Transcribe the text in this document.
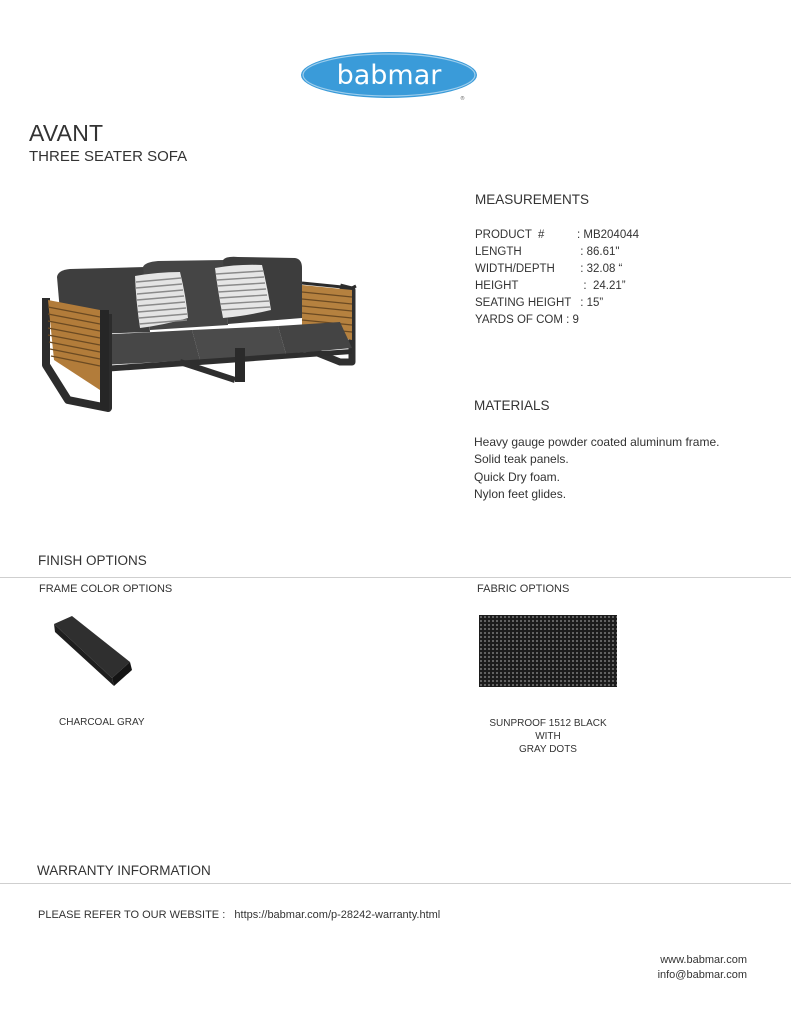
babmar
®
AVANT
THREE SEATER SOFA
MEASUREMENTS
PRODUCT  #	: MB204044
LENGTH	: 86.61"
WIDTH/DEPTH	: 32.08 “
HEIGHT	:  24.21”
SEATING HEIGHT : 15”
YARDS OF COM : 9
MATERIALS
Heavy gauge powder coated aluminum frame.
Solid teak panels.
Quick Dry foam.
Nylon feet glides.
FINISH OPTIONS
FRAME COLOR OPTIONS	FABRIC OPTIONS
CHARCOAL GRAY	SUNPROOF 1512 BLACK WITH
GRAY DOTS
WARRANTY INFORMATION
PLEASE REFER TO OUR WEBSITE : https://babmar.com/p-28242-warranty.html
www.babmar.com
info@babmar.com
